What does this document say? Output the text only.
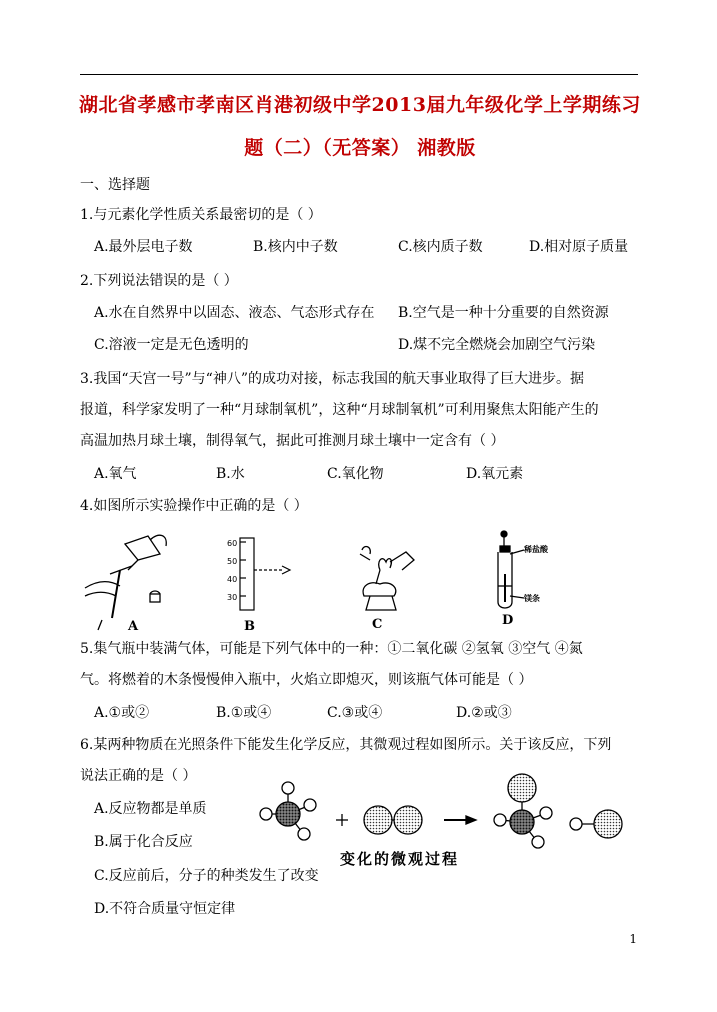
湖北省孝感市孝南区肖港初级中学2013届九年级化学上学期练习
题（二）（无答案） 湘教版
一、选择题
1.与元素化学性质关系最密切的是（ ）
A.最外层电子数	B.核内中子数	C.核内质子数	D.相对原子质量
2.下列说法错误的是（ ）
A.水在自然界中以固态、液态、气态形式存在 B.空气是一种十分重要的自然资源
C.溶液一定是无色透明的	D.煤不完全燃烧会加剧空气污染
3.我国“天宫一号”与“神八”的成功对接，标志我国的航天事业取得了巨大进步。据
报道，科学家发明了一种“月球制氧机”，这种“月球制氧机”可利用聚焦太阳能产生的
高温加热月球土壤，制得氧气，据此可推测月球土壤中一定含有（ ）
A.氧气	B.水	C.氧化物	D.氧元素
4.如图所示实验操作中正确的是（ ）
A
60
50
40
30
B	C
稀盐酸
镁条
D
5.集气瓶中装满气体，可能是下列气体中的一种：①二氧化碳 ②氢氧 ③空气 ④氮
气。将燃着的木条慢慢伸入瓶中，火焰立即熄灭，则该瓶气体可能是（ ）
A.①或②	B.①或④	C.③或④	D.②或③
6.某两种物质在光照条件下能发生化学反应，其微观过程如图所示。关于该反应，下列
说法正确的是（ ）
A.反应物都是单质
B.属于化合反应
C.反应前后，分子的种类发生了改变
D.不符合质量守恒定律
变化的微观过程
1
